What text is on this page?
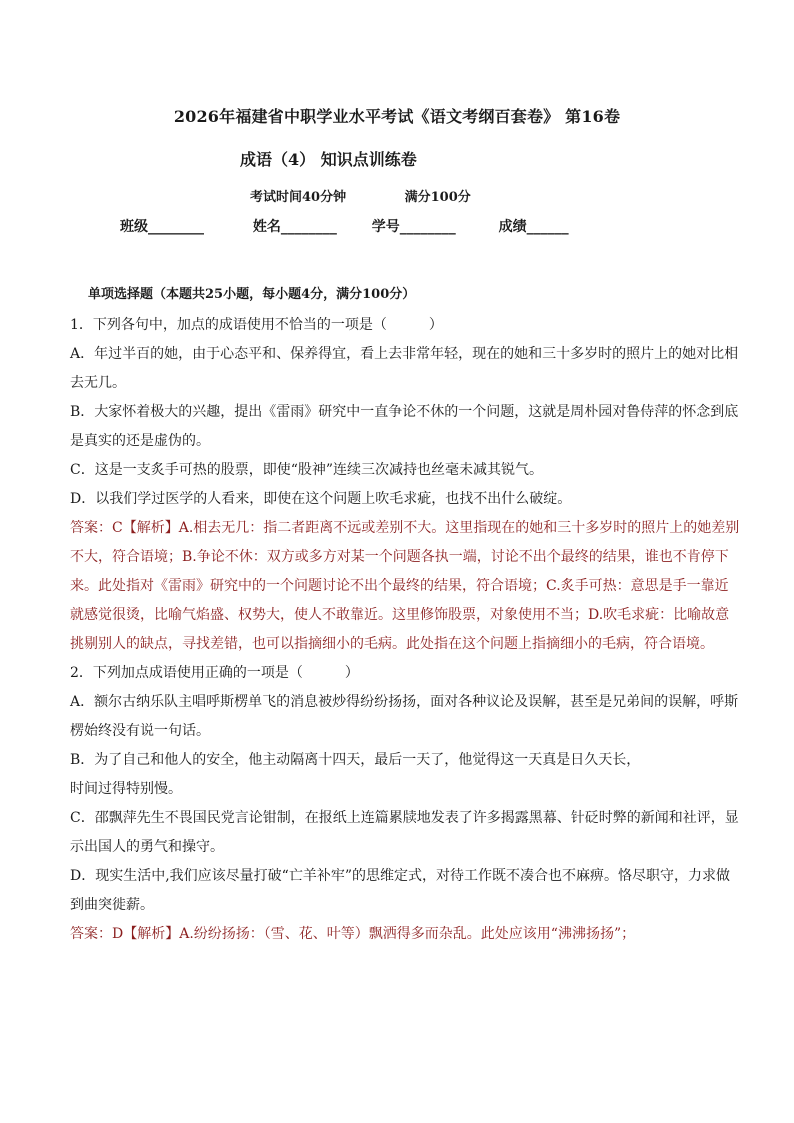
2026年福建省中职学业水平考试《语文考纲百套卷》 第16卷
成语（4） 知识点训练卷
考试时间40分钟	满分100分
班级________	姓名________ 学号________	成绩______
单项选择题（本题共25小题，每小题4分，满分100分）

1．下列各句中，加点的成语使用不恰当的一项是（　　　）

A．年过半百的她，由于心态平和、保养得宜，看上去非常年轻，现在的她和三十多岁时的照片上的她对比相去无几。

B．大家怀着极大的兴趣，提出《雷雨》研究中一直争论不休的一个问题，这就是周朴园对鲁侍萍的怀念到底是真实的还是虚伪的。

C．这是一支炙手可热的股票，即使“股神”连续三次减持也丝毫未减其锐气。

D．以我们学过医学的人看来，即使在这个问题上吹毛求疵，也找不出什么破绽。

答案：C【解析】A.相去无几：指二者距离不远或差别不大。这里指现在的她和三十多岁时的照片上的她差别不大，符合语境；B.争论不休：双方或多方对某一个问题各执一端，讨论不出个最终的结果，谁也不肯停下来。此处指对《雷雨》研究中的一个问题讨论不出个最终的结果，符合语境；C.炙手可热：意思是手一靠近就感觉很烫，比喻气焰盛、权势大，使人不敢靠近。这里修饰股票，对象使用不当；D.吹毛求疵：比喻故意挑剔别人的缺点，寻找差错，也可以指摘细小的毛病。此处指在这个问题上指摘细小的毛病，符合语境。

2．下列加点成语使用正确的一项是（　　　）

A．额尔古纳乐队主唱呼斯楞单飞的消息被炒得纷纷扬扬，面对各种议论及误解，甚至是兄弟间的误解，呼斯楞始终没有说一句话。

B．为了自己和他人的安全，他主动隔离十四天，最后一天了，他觉得这一天真是日久天长，

时间过得特别慢。

C．邵飘萍先生不畏国民党言论钳制，在报纸上连篇累牍地发表了许多揭露黑幕、针砭时弊的新闻和社评，显示出国人的勇气和操守。

D．现实生活中,我们应该尽量打破“亡羊补牢”的思维定式，对待工作既不凑合也不麻痹。恪尽职守，力求做到曲突徙薪。

答案：D【解析】A.纷纷扬扬：（雪、花、叶等）飘洒得多而杂乱。此处应该用“沸沸扬扬”；
